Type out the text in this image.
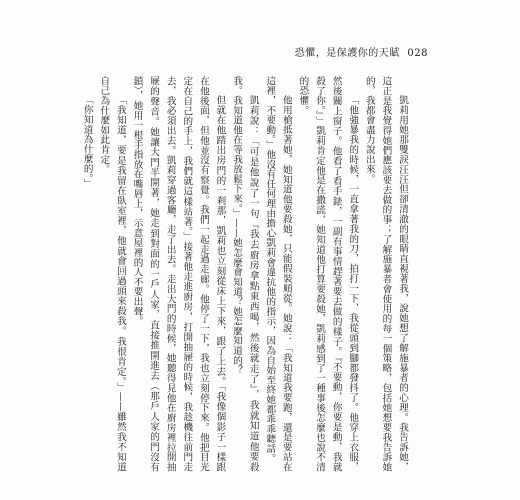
恐懼，是保護你的天賦 028

凱莉用她那雙淚汪汪但卻清澈的眼睛直視著我，說她想了解施暴者的心理。我告訴她，這正是我覺得她們應該要去做的事；了解施暴者會使用的每一個策略，包括她想要我告訴她的，我都會盡力說出來。

「他強暴我的時候，一直拿著我的刀，拍打一下，我從頭到腳都發抖了。他穿上衣服，然後關上窗子。他看了看手錶，一副有事情趕著要去做的樣子。『不要動，你要是動，我就殺了你。』」凱莉肯定他是在撒謊，她知道他打算要殺她，凱莉感到了一種事後怎麼也說不清的恐懼。

他用槍抵著她，她知道他要殺她，只能假裝順從。她說：「我知道我要跑，還是要站在這裡，不要動。」他沒有任何理由擔心凱莉會違抗他的指示，因為自始至終她都乖乖聽話。

凱莉說：「可是他說了一句『我去廚房拿點東西喝，然後就走了』，我就知道他要殺我。我知道他在等我放鬆下來。」——她怎麼會知道？她怎麼知道的？

但就在他踏出房門的一剎那，凱莉也立刻從床上下來，跟了上去。「我像個影子一樣跟在他後面，但他並沒有察覺。我們一起走過走廊。他停了一下，我也立刻停下來。他把目光定在自己的手上，我們就這樣站著。」接著他走進廚房，打開抽屜的時候，我趁機往前門走去，我必須出去。凱莉穿過客廳，走了出去。走出大門的時候，她聽得見他在廚房裡拉開抽屜的聲音。她讓大門半開著，她走到對面的一戶人家，直接推開進去（那戶人家的門沒有鎖），她用一根手指放在嘴唇上，示意屋裡的人不要出聲。

「我知道，要是我留在臥室裡，他就會回過頭來殺我。我很肯定。」——雖然我不知道自己為什麼如此肯定。

「你知道為什麼的。」
